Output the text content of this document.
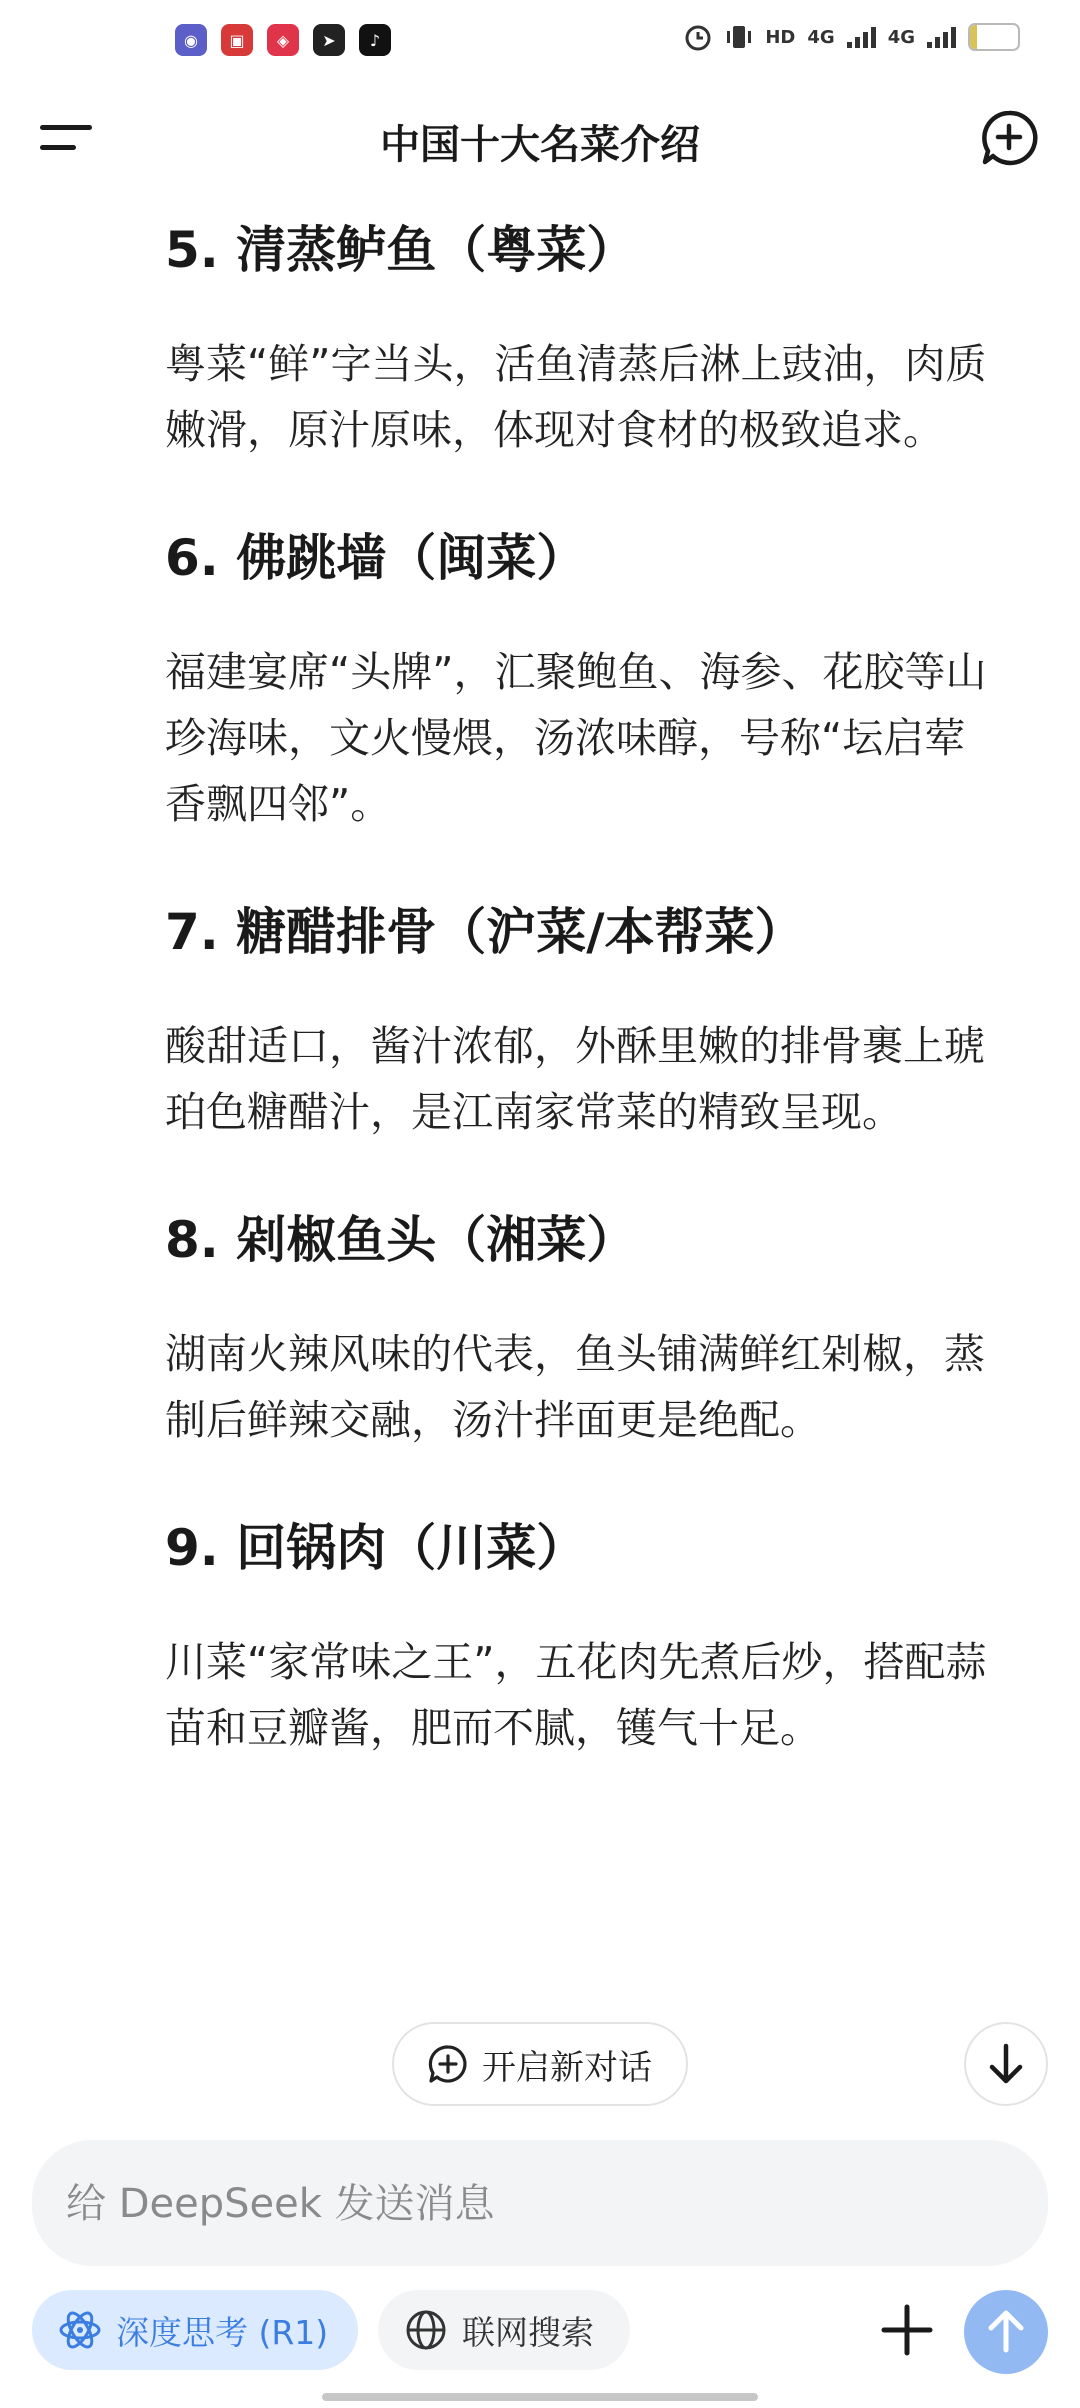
◉	▣	◈	➤	♪	HD 4G	4G	15
中国十大名菜介绍
5. 清蒸鲈鱼（粤菜）

粤菜“鲜”字当头，活鱼清蒸后淋上豉油，肉质嫩滑，原汁原味，体现对食材的极致追求。

6. 佛跳墙（闽菜）

福建宴席“头牌”，汇聚鲍鱼、海参、花胶等山珍海味，文火慢煨，汤浓味醇，号称“坛启荤香飘四邻”。

7. 糖醋排骨（沪菜/本帮菜）

酸甜适口，酱汁浓郁，外酥里嫩的排骨裹上琥珀色糖醋汁，是江南家常菜的精致呈现。

8. 剁椒鱼头（湘菜）

湖南火辣风味的代表，鱼头铺满鲜红剁椒，蒸制后鲜辣交融，汤汁拌面更是绝配。

9. 回锅肉（川菜）

川菜“家常味之王”，五花肉先煮后炒，搭配蒜苗和豆瓣酱，肥而不腻，镬气十足。

开启新对话
给 DeepSeek 发送消息
深度思考 (R1)	联网搜索
